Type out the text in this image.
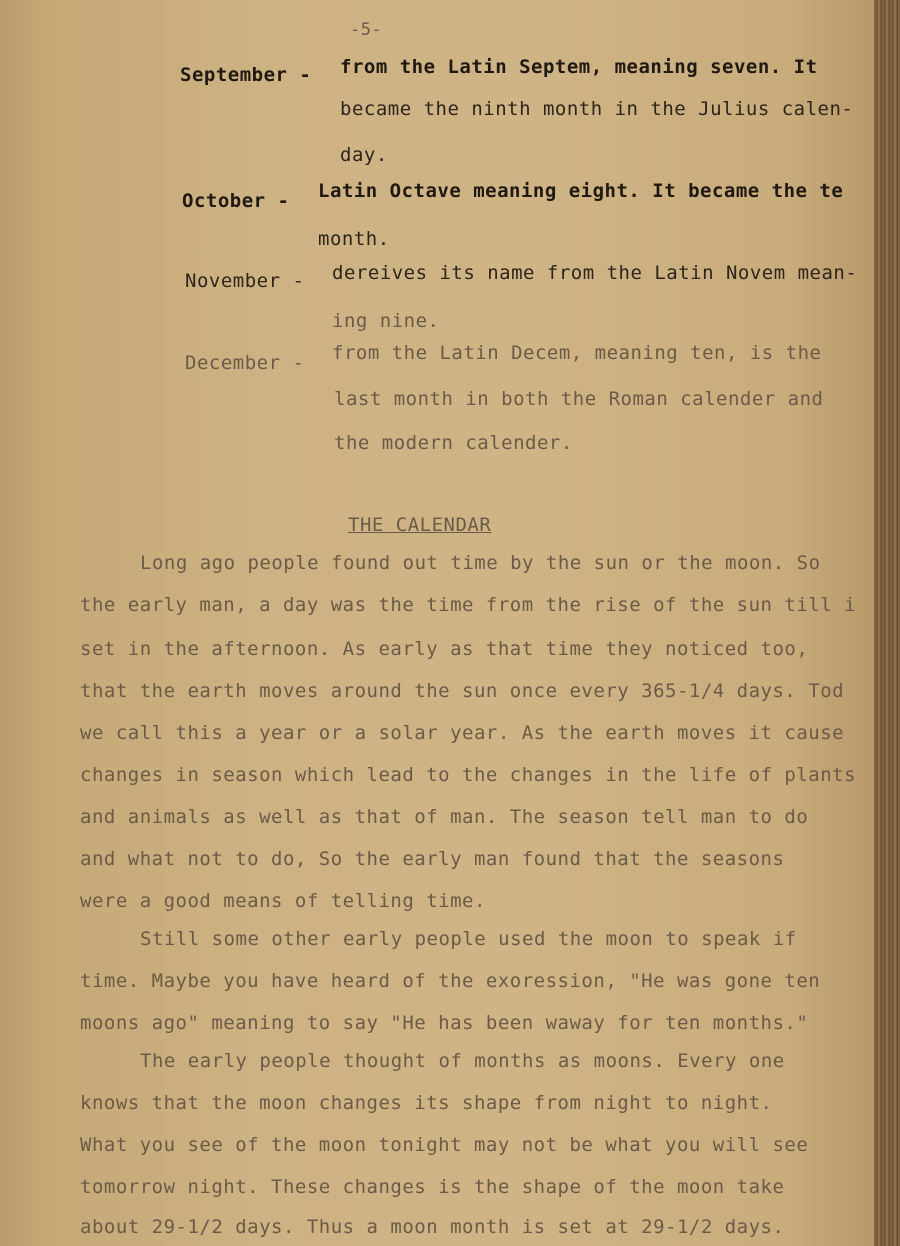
-5-
September - from the Latin Septem, meaning seven. It
became the ninth month in the Julius calen-
day.
October - Latin Octave meaning eight. It became the te
month.
November - dereives its name from the Latin Novem mean-
ing nine.
December - from the Latin Decem, meaning ten, is the
last month in both the Roman calender and
the modern calender.
THE CALENDAR
Long ago people found out time by the sun or the moon. So
the early man, a day was the time from the rise of the sun till i
set in the afternoon. As early as that time they noticed too,
that the earth moves around the sun once every 365-1/4 days. Tod
we call this a year or a solar year. As the earth moves it cause
changes in season which lead to the changes in the life of plants
and animals as well as that of man. The season tell man to do
and what not to do, So the early man found that the seasons
were a good means of telling time.
Still some other early people used the moon to speak if
time. Maybe you have heard of the exoression, "He was gone ten
moons ago" meaning to say "He has been waway for ten months."
The early people thought of months as moons. Every one
knows that the moon changes its shape from night to night.
What you see of the moon tonight may not be what you will see
tomorrow night. These changes is the shape of the moon take
about 29-1/2 days. Thus a moon month is set at 29-1/2 days.
